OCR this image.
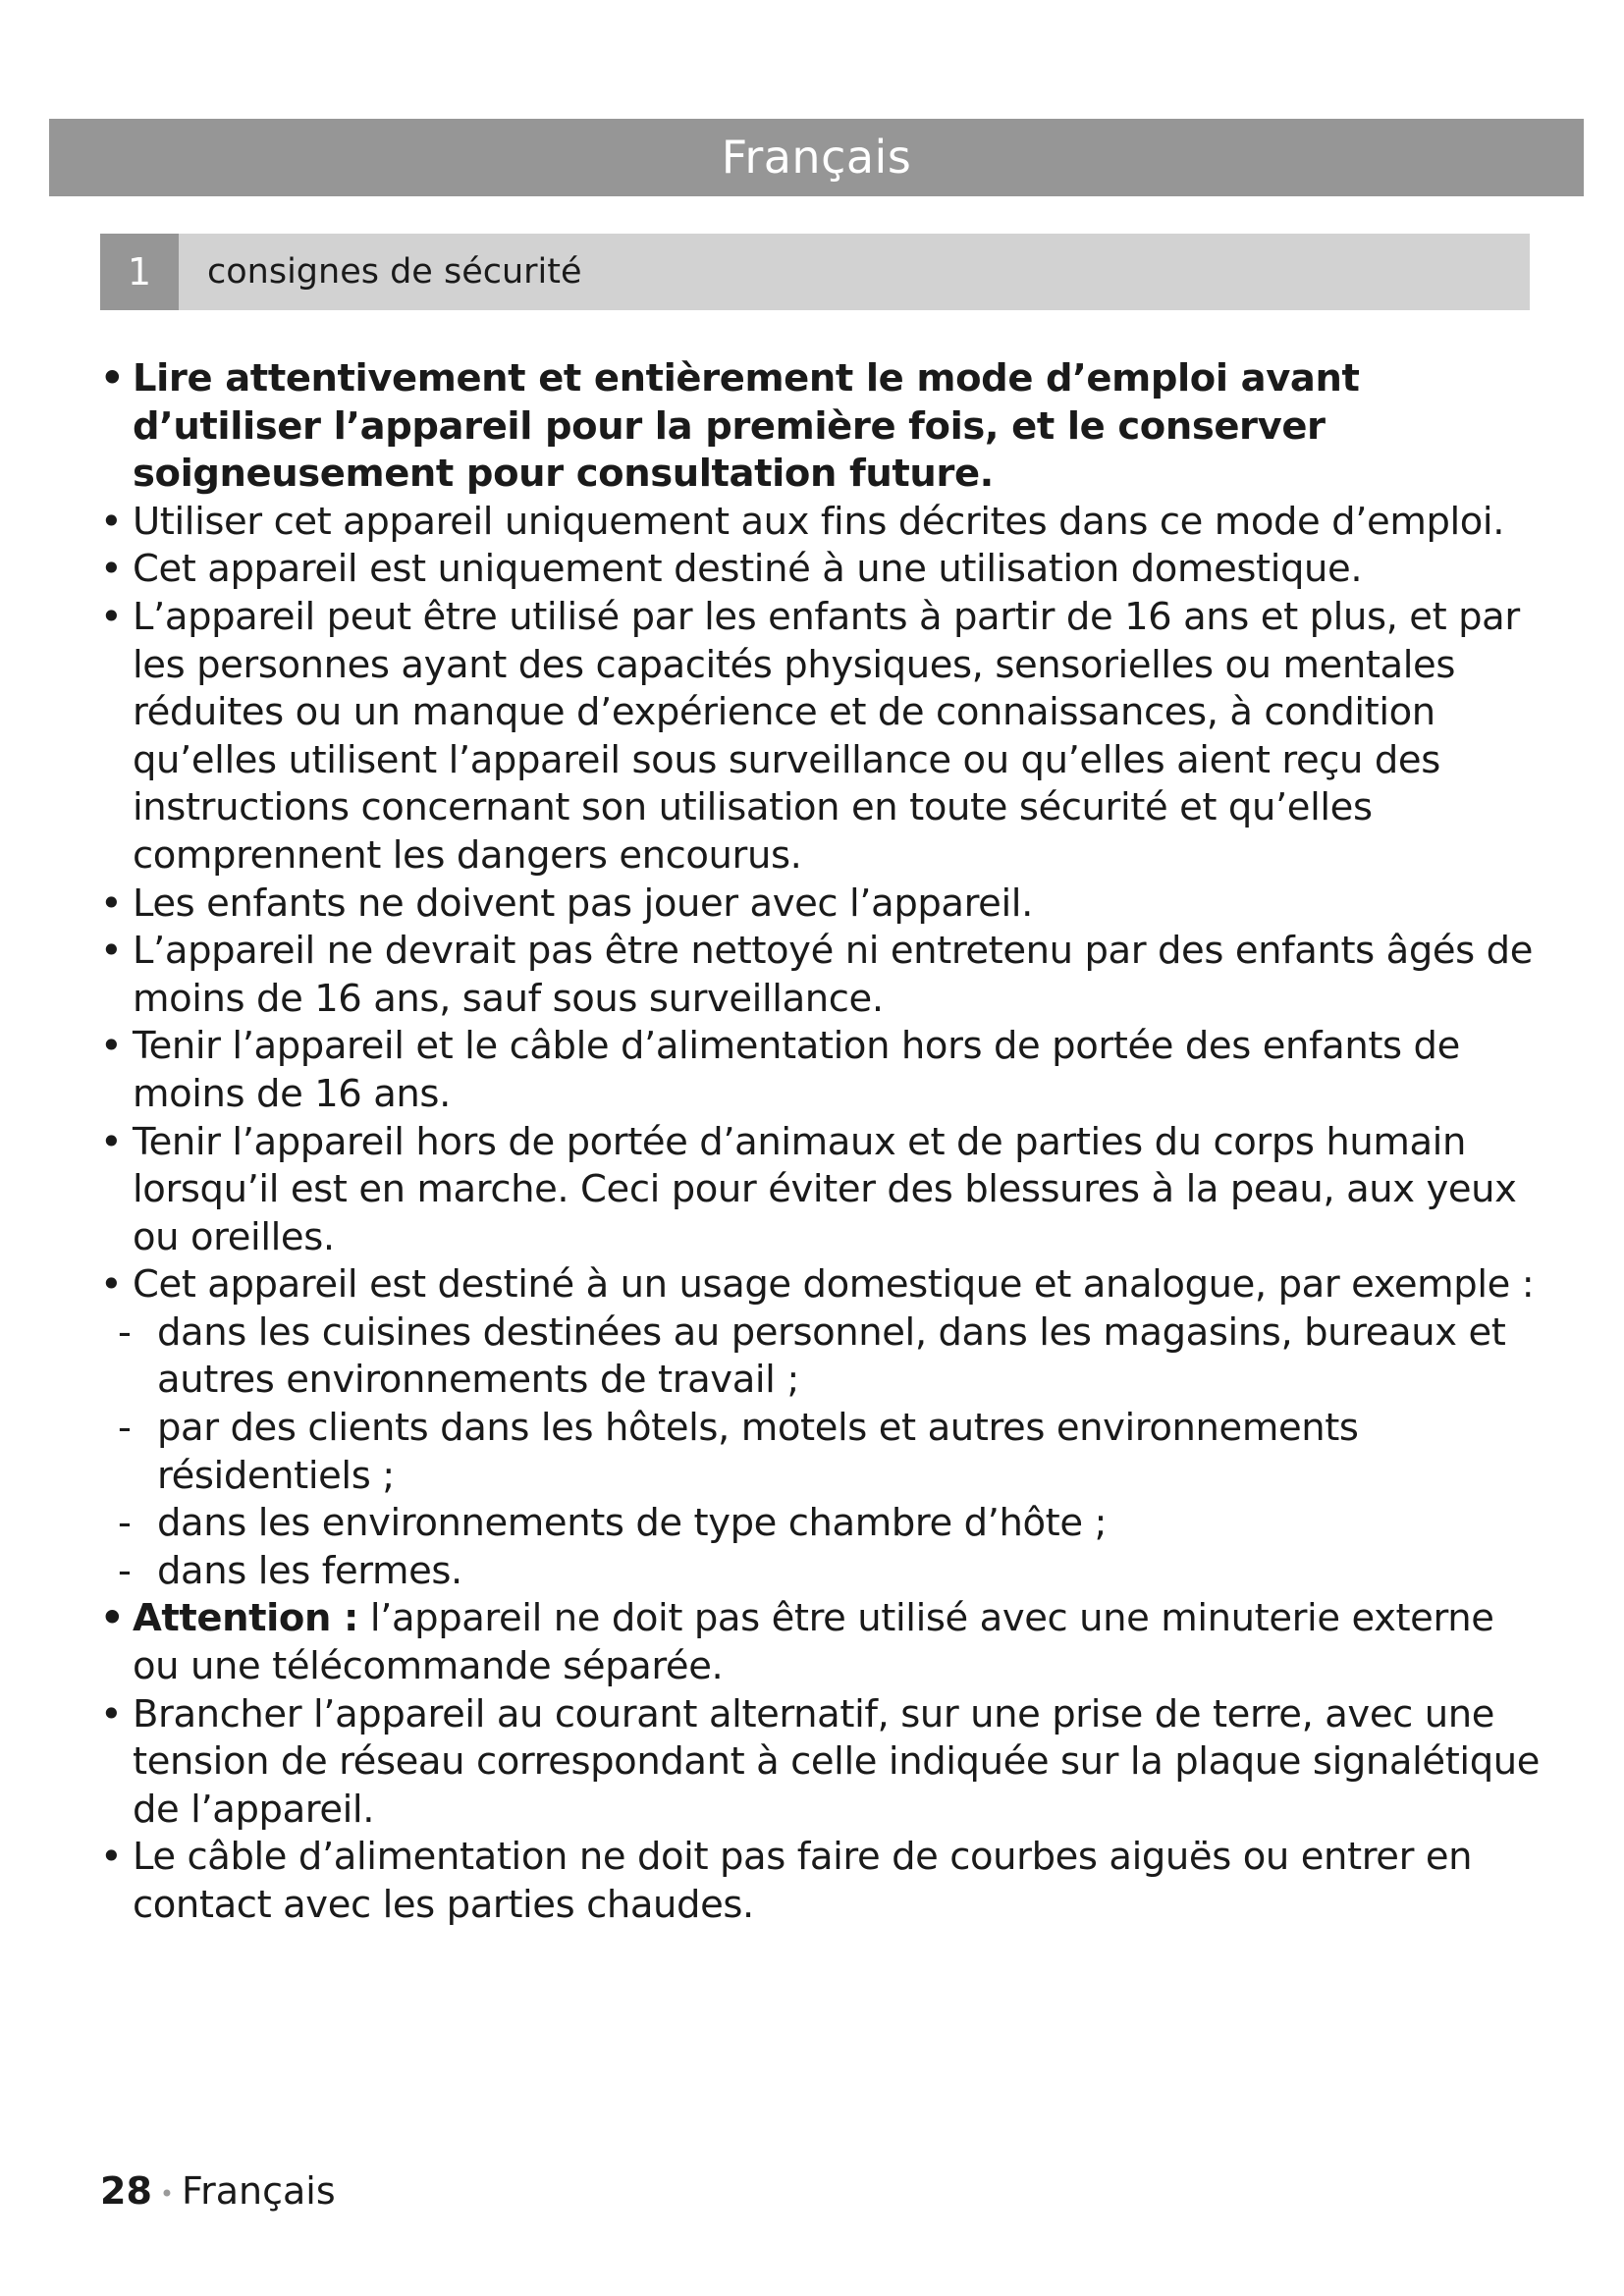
Français
1	consignes de sécurité

• Lire attentivement et entièrement le mode d’emploi avant d’utiliser l’appareil pour la première fois, et le conserver soigneusement pour consultation future.

• Utiliser cet appareil uniquement aux fins décrites dans ce mode d’emploi.

• Cet appareil est uniquement destiné à une utilisation domestique.

• L’appareil peut être utilisé par les enfants à partir de 16 ans et plus, et par les personnes ayant des capacités physiques, sensorielles ou mentales réduites ou un manque d’expérience et de connaissances, à condition qu’elles utilisent l’appareil sous surveillance ou qu’elles aient reçu des instructions concernant son utilisation en toute sécurité et qu’elles comprennent les dangers encourus.

• Les enfants ne doivent pas jouer avec l’appareil.

• L’appareil ne devrait pas être nettoyé ni entretenu par des enfants âgés de moins de 16 ans, sauf sous surveillance.

• Tenir l’appareil et le câble d’alimentation hors de portée des enfants de moins de 16 ans.

• Tenir l’appareil hors de portée d’animaux et de parties du corps humain lorsqu’il est en marche. Ceci pour éviter des blessures à la peau, aux yeux ou oreilles.

• Cet appareil est destiné à un usage domestique et analogue, par exemple :

- dans les cuisines destinées au personnel, dans les magasins, bureaux et autres environnements de travail ;

- par des clients dans les hôtels, motels et autres environnements résidentiels ;

- dans les environnements de type chambre d’hôte ;

- dans les fermes.

• Attention : l’appareil ne doit pas être utilisé avec une minuterie externe ou une télécommande séparée.

• Brancher l’appareil au courant alternatif, sur une prise de terre, avec une tension de réseau correspondant à celle indiquée sur la plaque signalétique de l’appareil.

• Le câble d’alimentation ne doit pas faire de courbes aiguës ou entrer en contact avec les parties chaudes.

28 • Français
